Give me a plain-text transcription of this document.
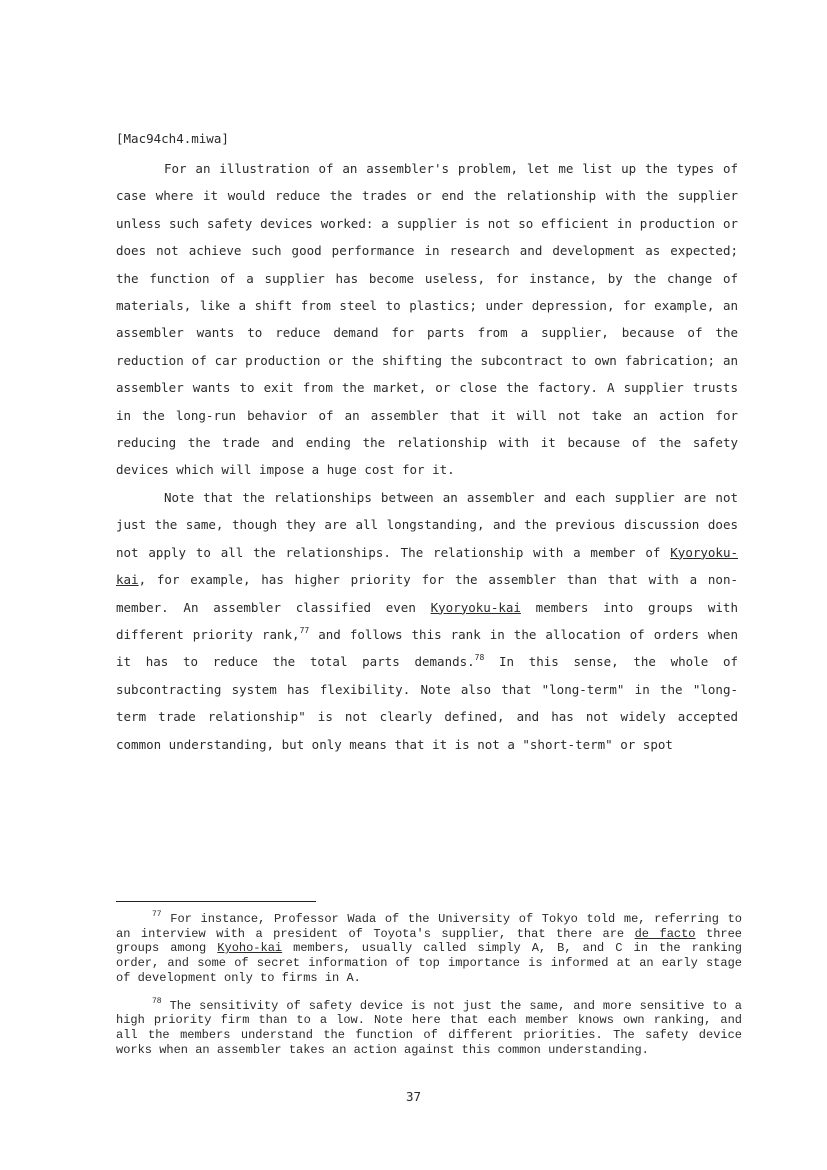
[Mac94ch4.miwa]

For an illustration of an assembler's problem, let me list up the types of case where it would reduce the trades or end the relationship with the supplier unless such safety devices worked: a supplier is not so efficient in production or does not achieve such good performance in research and development as expected; the function of a supplier has become useless, for instance, by the change of materials, like a shift from steel to plastics; under depression, for example, an assembler wants to reduce demand for parts from a supplier, because of the reduction of car production or the shifting the subcontract to own fabrication; an assembler wants to exit from the market, or close the factory. A supplier trusts in the long-run behavior of an assembler that it will not take an action for reducing the trade and ending the relationship with it because of the safety devices which will impose a huge cost for it.

Note that the relationships between an assembler and each supplier are not just the same, though they are all longstanding, and the previous discussion does not apply to all the relationships. The relationship with a member of Kyoryoku-kai, for example, has higher priority for the assembler than that with a non-member. An assembler classified even Kyoryoku-kai members into groups with different priority rank,$^{77}$ and follows this rank in the allocation of orders when it has to reduce the total parts demands.$^{78}$ In this sense, the whole of subcontracting system has flexibility. Note also that "long-term" in the "long-term trade relationship" is not clearly defined, and has not widely accepted common understanding, but only means that it is not a "short-term" or spot

$^{77}$ For instance, Professor Wada of the University of Tokyo told me, referring to an interview with a president of Toyota's supplier, that there are de facto three groups among Kyoho-kai members, usually called simply A, B, and C in the ranking order, and some of secret information of top importance is informed at an early stage of development only to firms in A.

$^{78}$ The sensitivity of safety device is not just the same, and more sensitive to a high priority firm than to a low. Note here that each member knows own ranking, and all the members understand the function of different priorities. The safety device works when an assembler takes an action against this common understanding.

37
